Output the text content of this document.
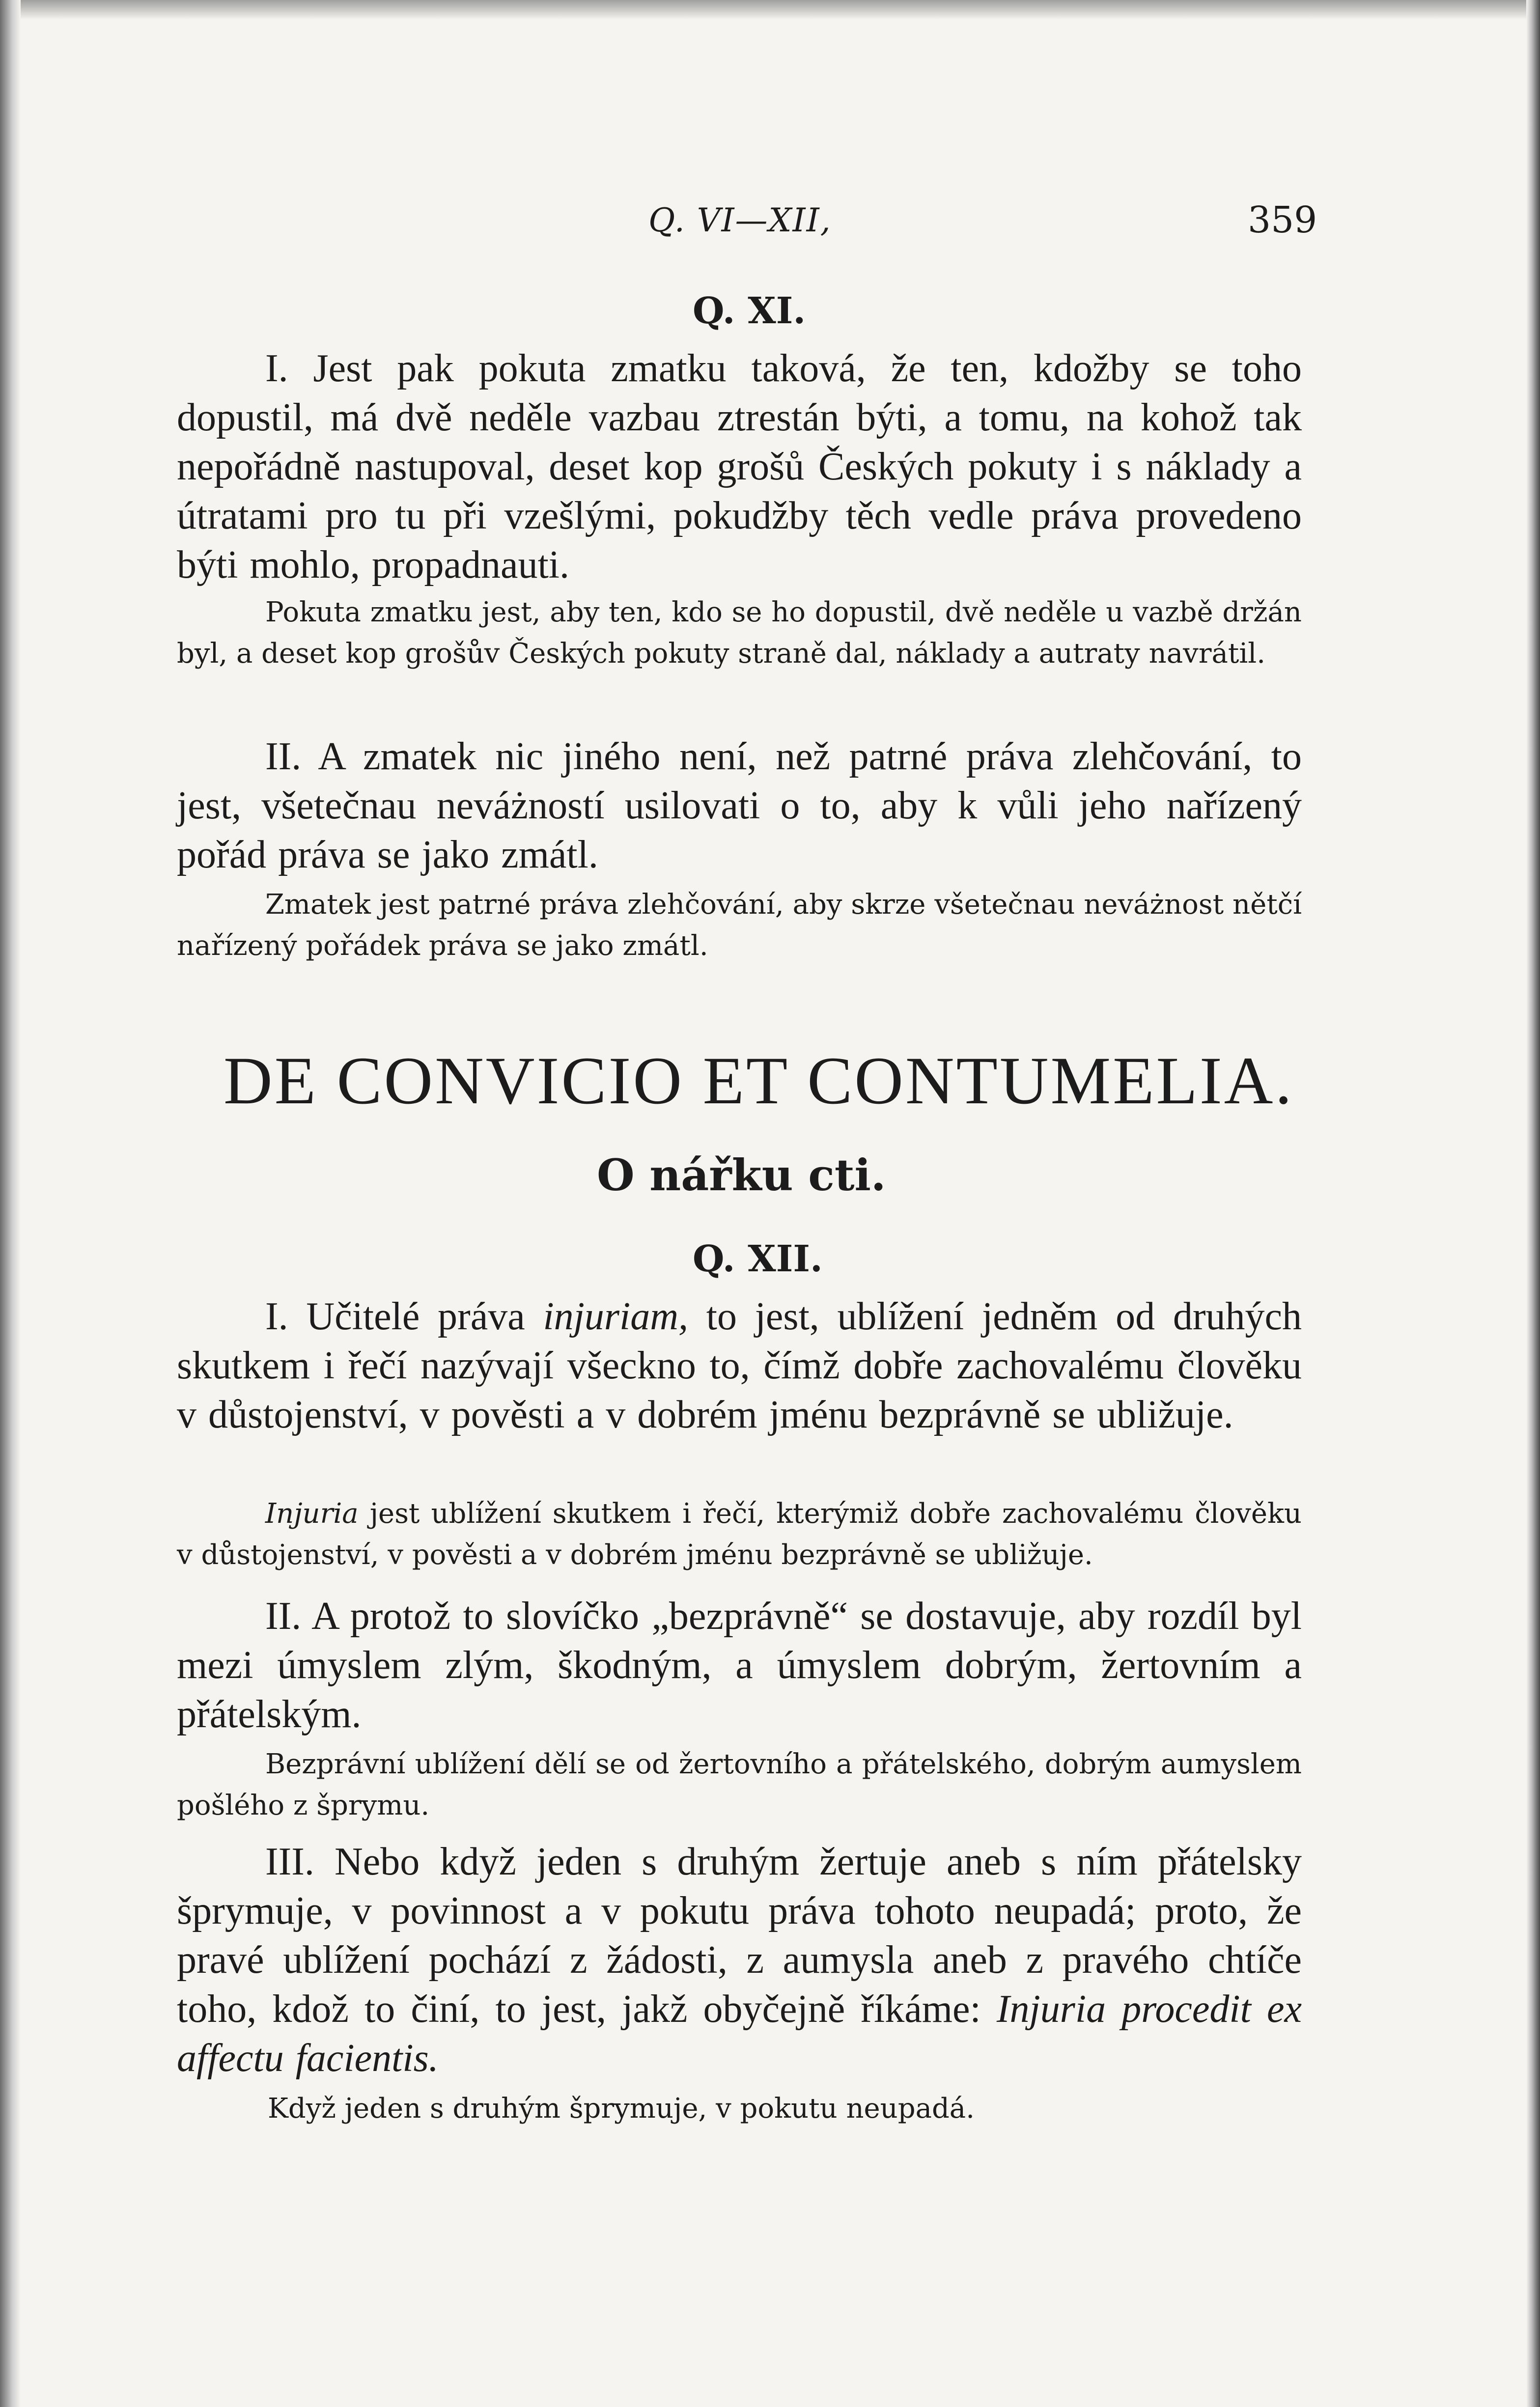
Q. VI—XII,	359
Q. XI.
I. Jest pak pokuta zmatku taková, že ten, kdožby se toho dopustil, má dvě neděle vazbau ztrestán býti, a tomu, na kohož tak nepořádně nastupoval, deset kop grošů Českých pokuty i s náklady a útratami pro tu při vzešlými, pokudžby těch vedle práva provedeno býti mohlo, propadnauti.
Pokuta zmatku jest, aby ten, kdo se ho dopustil, dvě neděle u vazbě držán byl, a deset kop grošův Českých pokuty straně dal, náklady a autraty navrátil.
II. A zmatek nic jiného není, než patrné práva zlehčování, to jest, všetečnau neváżností usilovati o to, aby k vůli jeho nařízený pořád práva se jako zmátl.
Zmatek jest patrné práva zlehčování, aby skrze všetečnau neváżnost nětčí nařízený pořádek práva se jako zmátl.
DE CONVICIO ET CONTUMELIA.
O nářku cti.
Q. XII.
I. Učitelé práva injuriam, to jest, ublížení jedněm od druhých skutkem i řečí nazývají všeckno to, čímž dobře zachovalému člověku v důstojenství, v pověsti a v dobrém jménu bezprávně se ubližuje.
Injuria jest ublížení skutkem i řečí, kterýmiž dobře zachovalému člověku v důstojenství, v pověsti a v dobrém jménu bezprávně se ubližuje.
II. A protož to slovíčko „bezprávně“ se dostavuje, aby rozdíl byl mezi úmyslem zlým, škodným, a úmyslem dobrým, žertovním a přátelským.
Bezprávní ublížení dělí se od žertovního a přátelského, dobrým aumyslem pošlého z šprymu.
III. Nebo když jeden s druhým žertuje aneb s ním přátelsky šprymuje, v povinnost a v pokutu práva tohoto neupadá; proto, že pravé ublížení pochází z žádosti, z aumysla aneb z pravého chtíče toho, kdož to činí, to jest, jakž obyčejně říkáme: Injuria procedit ex affectu facientis.
Když jeden s druhým šprymuje, v pokutu neupadá.
